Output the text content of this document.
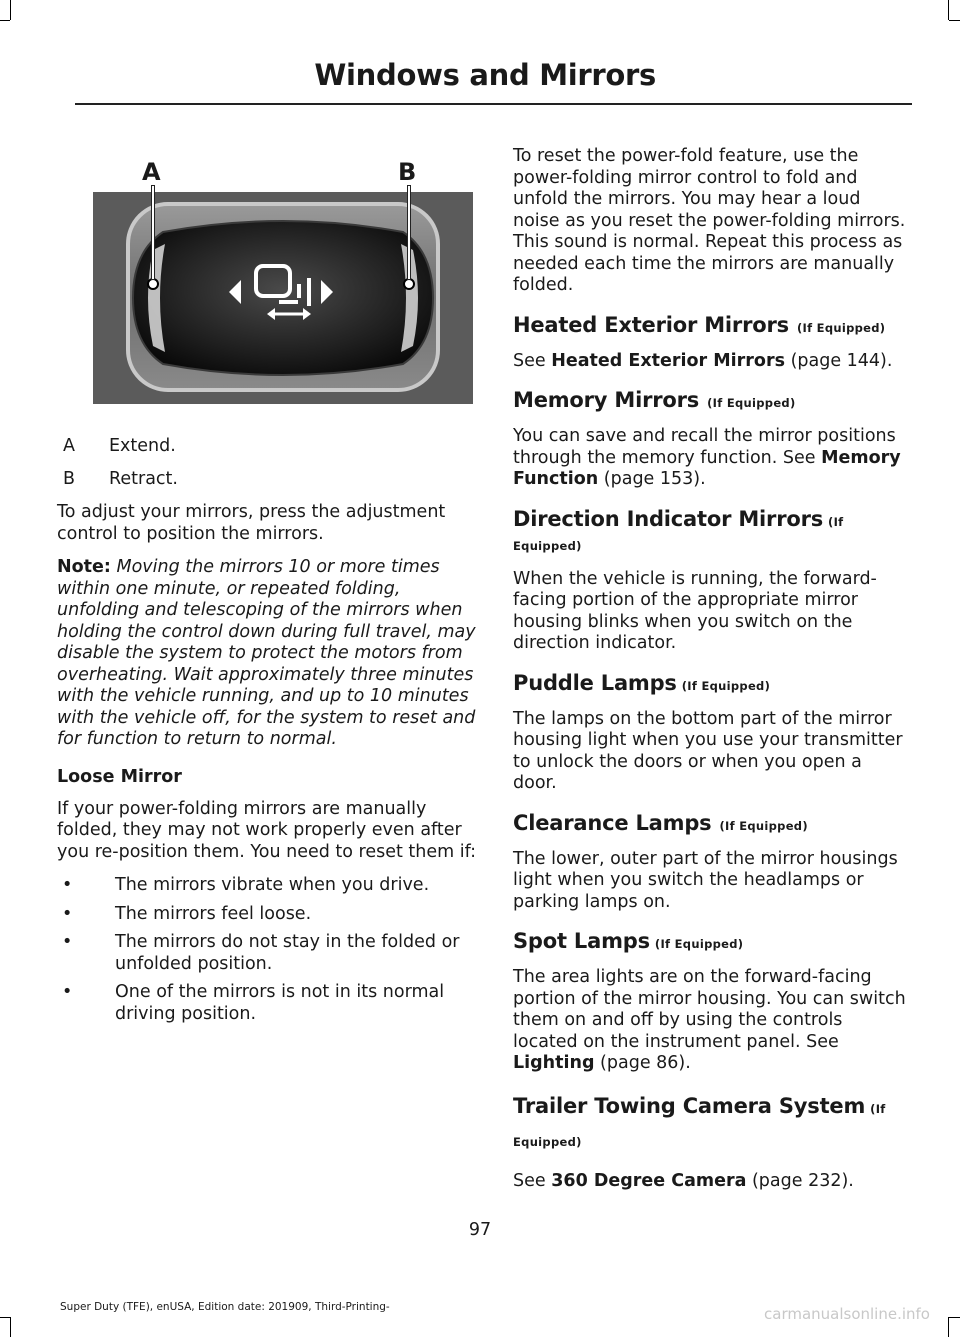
Windows and Mirrors
A	B
A	Extend.
B	Retract.

To adjust your mirrors, press the adjustment control to position the mirrors.

Note: Moving the mirrors 10 or more times within one minute, or repeated folding, unfolding and telescoping of the mirrors when holding the control down during full travel, may disable the system to protect the motors from overheating. Wait approximately three minutes with the vehicle running, and up to 10 minutes with the vehicle off, for the system to reset and for function to return to normal.

Loose Mirror

If your power-folding mirrors are manually folded, they may not work properly even after you re-position them. You need to reset them if:

• The mirrors vibrate when you drive.
• The mirrors feel loose.
• The mirrors do not stay in the folded or unfolded position.
• One of the mirrors is not in its normal driving position.

To reset the power-fold feature, use the power-folding mirror control to fold and unfold the mirrors. You may hear a loud noise as you reset the power-folding mirrors. This sound is normal. Repeat this process as needed each time the mirrors are manually folded.

Heated Exterior Mirrors (If Equipped)

See Heated Exterior Mirrors (page 144).

Memory Mirrors (If Equipped)

You can save and recall the mirror positions through the memory function. See Memory Function (page 153).

Direction Indicator Mirrors (If Equipped)

When the vehicle is running, the forward-facing portion of the appropriate mirror housing blinks when you switch on the direction indicator.

Puddle Lamps (If Equipped)

The lamps on the bottom part of the mirror housing light when you use your transmitter to unlock the doors or when you open a door.

Clearance Lamps (If Equipped)

The lower, outer part of the mirror housings light when you switch the headlamps or parking lamps on.

Spot Lamps (If Equipped)

The area lights are on the forward-facing portion of the mirror housing. You can switch them on and off by using the controls located on the instrument panel. See Lighting (page 86).

Trailer Towing Camera System (If Equipped)

See 360 Degree Camera (page 232).

97
Super Duty (TFE), enUSA, Edition date: 201909, Third-Printing-	carmanualsonline.info
